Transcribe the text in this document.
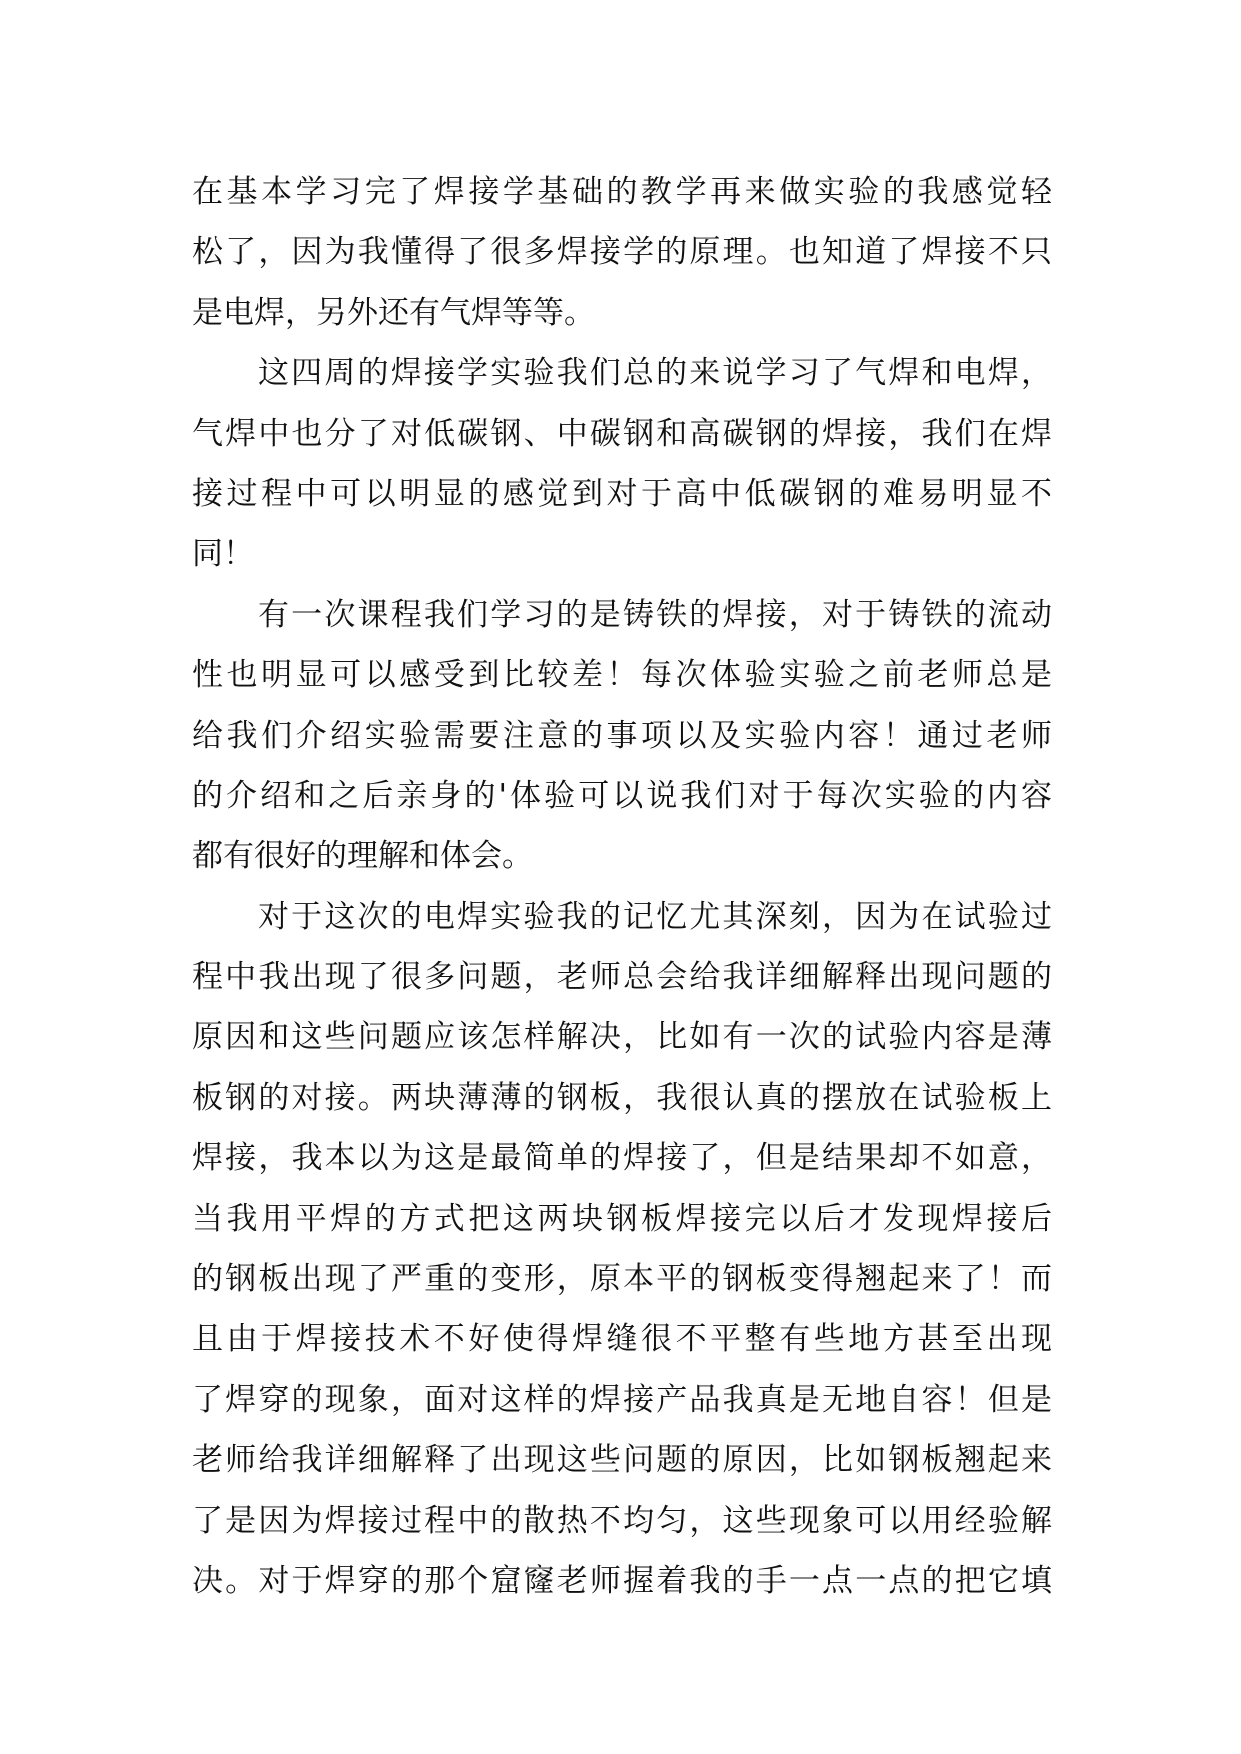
在基本学习完了焊接学基础的教学再来做实验的我感觉轻
松了，因为我懂得了很多焊接学的原理。也知道了焊接不只
是电焊，另外还有气焊等等。
这四周的焊接学实验我们总的来说学习了气焊和电焊，
气焊中也分了对低碳钢、中碳钢和高碳钢的焊接，我们在焊
接过程中可以明显的感觉到对于高中低碳钢的难易明显不
同！
有一次课程我们学习的是铸铁的焊接，对于铸铁的流动
性也明显可以感受到比较差！每次体验实验之前老师总是
给我们介绍实验需要注意的事项以及实验内容！通过老师
的介绍和之后亲身的'体验可以说我们对于每次实验的内容
都有很好的理解和体会。
对于这次的电焊实验我的记忆尤其深刻，因为在试验过
程中我出现了很多问题，老师总会给我详细解释出现问题的
原因和这些问题应该怎样解决，比如有一次的试验内容是薄
板钢的对接。两块薄薄的钢板，我很认真的摆放在试验板上
焊接，我本以为这是最简单的焊接了，但是结果却不如意，
当我用平焊的方式把这两块钢板焊接完以后才发现焊接后
的钢板出现了严重的变形，原本平的钢板变得翘起来了！而
且由于焊接技术不好使得焊缝很不平整有些地方甚至出现
了焊穿的现象，面对这样的焊接产品我真是无地自容！但是
老师给我详细解释了出现这些问题的原因，比如钢板翘起来
了是因为焊接过程中的散热不均匀，这些现象可以用经验解
决。对于焊穿的那个窟窿老师握着我的手一点一点的把它填
